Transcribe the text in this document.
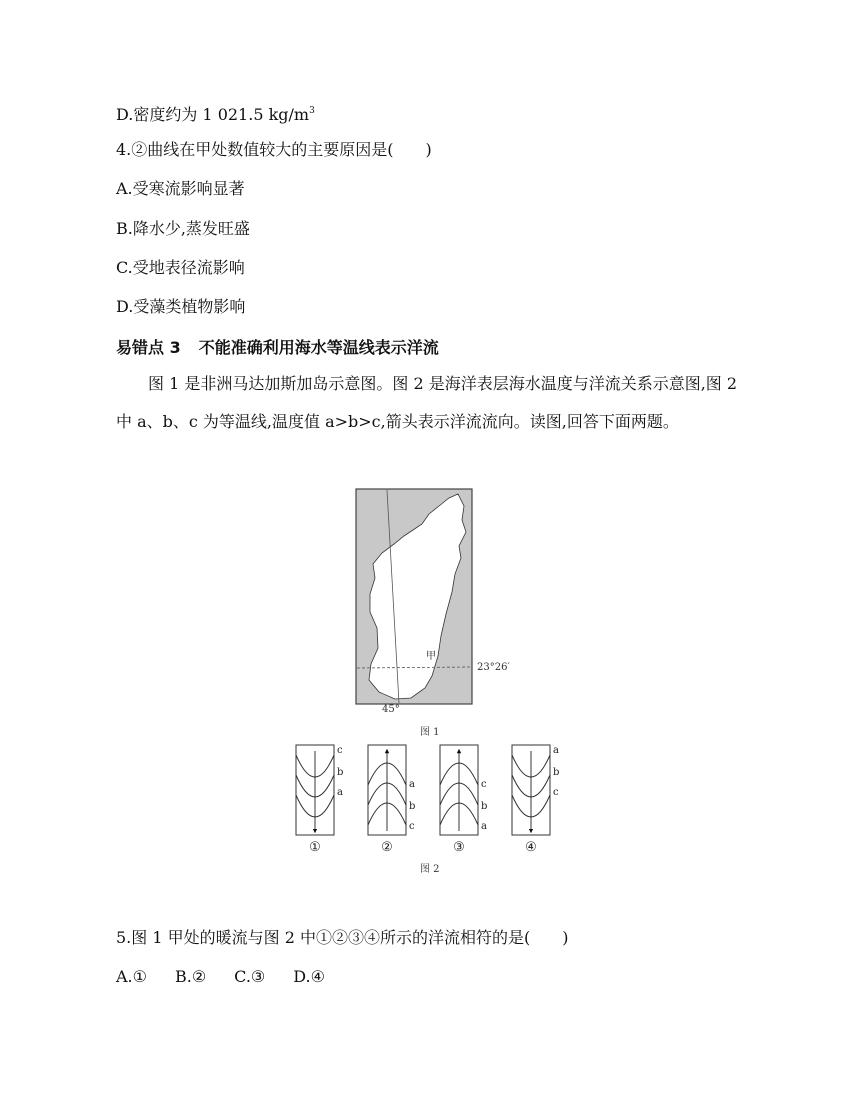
D.密度约为 1 021.5 $kg/m^3$
4.②曲线在甲处数值较大的主要原因是(　　)
A.受寒流影响显著
B.降水少,蒸发旺盛
C.受地表径流影响
D.受藻类植物影响
易错点 3 不能准确利用海水等温线表示洋流
图 1 是非洲马达加斯加岛示意图。图 2 是海洋表层海水温度与洋流关系示意图,图 2 中 a、b、c 为等温线,温度值 a>b>c,箭头表示洋流流向。读图,回答下面两题。
甲
23°26′
45°
图 1
c
b
a
①
a
b
c
②
c
b
a
③
a
b
c
④
图 2
5.图 1 甲处的暖流与图 2 中①②③④所示的洋流相符的是(　　)
A.① B.② C.③ D.④
